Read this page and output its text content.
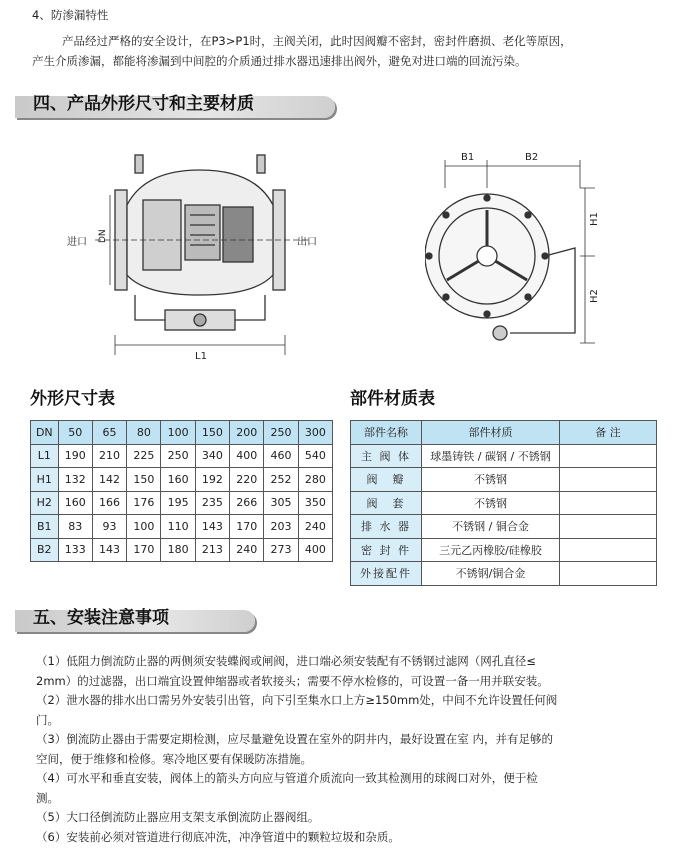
4、防渗漏特性
产品经过严格的安全设计，在P3>P1时，主阀关闭，此时因阀瓣不密封，密封件磨损、老化等原因，
产生介质渗漏，都能将渗漏到中间腔的介质通过排水器迅速排出阀外，避免对进口端的回流污染。
四、产品外形尺寸和主要材质
进口 DN	出口
L1
B1	B2
H1
H2
外形尺寸表	部件材质表
DN	50	65	80	100	150	200	250	300
L1	190	210	225	250	340	400	460	540
H1	132	142	150	160	192	220	252	280
H2	160	166	176	195	235	266	305	350
B1	83	93	100	110	143	170	203	240
B2	133	143	170	180	213	240	273	400
部件名称	部件材质	备 注
主 阀 体	球墨铸铁 / 碳钢 / 不锈钢	
阀　瓣	不锈钢	
阀　套	不锈钢	
排 水 器	不锈钢 / 铜合金	
密 封 件	三元乙丙橡胶/硅橡胶	
外接配件	不锈钢/铜合金	
五、安装注意事项

（1）低阻力倒流防止器的两侧须安装蝶阀或闸阀，进口端必须安装配有不锈钢过滤网（网孔直径≤

2mm）的过滤器，出口端宜设置伸缩器或者软接头；需要不停水检修的，可设置一备一用并联安装。

（2）泄水器的排水出口需另外安装引出管，向下引至集水口上方≥150mm处，中间不允许设置任何阀

门。

（3）倒流防止器由于需要定期检测，应尽量避免设置在室外的阴井内，最好设置在室 内，并有足够的

空间，便于维修和检修。寒冷地区要有保暖防冻措施。

（4）可水平和垂直安装，阀体上的箭头方向应与管道介质流向一致其检测用的球阀口对外，便于检

测。

（5）大口径倒流防止器应用支架支承倒流防止器阀组。

（6）安装前必须对管道进行彻底冲洗，冲净管道中的颗粒垃圾和杂质。
